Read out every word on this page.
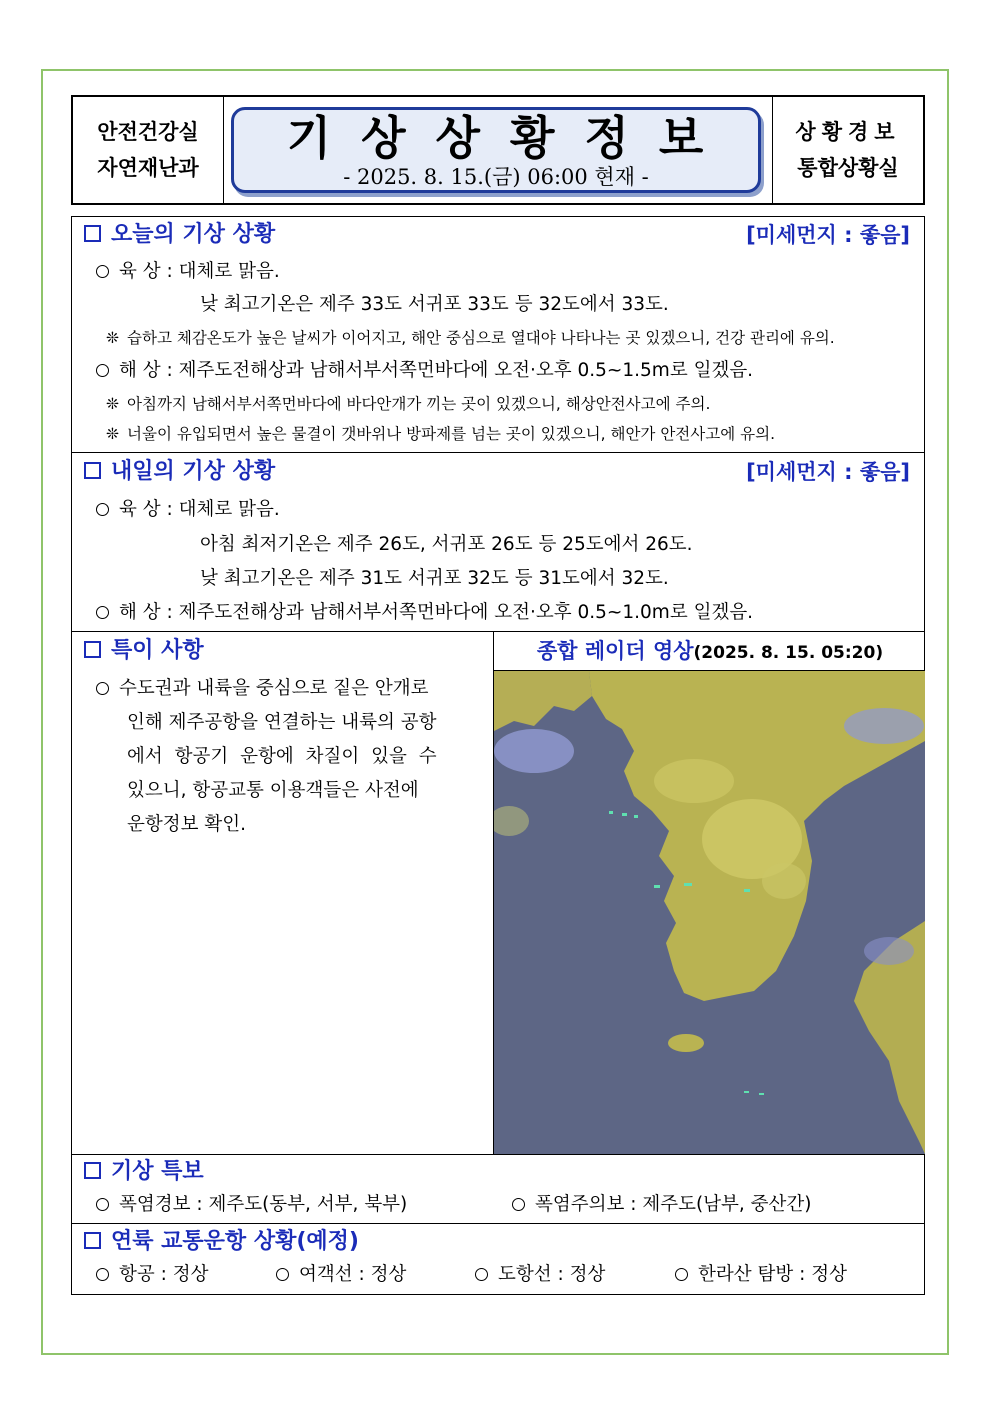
안전건강실
자연재난과
기상상황정보
- 2025. 8. 15.(금) 06:00 현재 -
상황경보
통합상황실
오늘의 기상 상황	[미세먼지 : 좋음]
육 상 : 대체로 맑음.
낮 최고기온은 제주 33도 서귀포 33도 등 32도에서 33도.
❊ 습하고 체감온도가 높은 날씨가 이어지고, 해안 중심으로 열대야 나타나는 곳 있겠으니, 건강 관리에 유의.
해 상 : 제주도전해상과 남해서부서쪽먼바다에 오전·오후 0.5~1.5m로 일겠음.
❊ 아침까지 남해서부서쪽먼바다에 바다안개가 끼는 곳이 있겠으니, 해상안전사고에 주의.
❊ 너울이 유입되면서 높은 물결이 갯바위나 방파제를 넘는 곳이 있겠으니, 해안가 안전사고에 유의.
내일의 기상 상황	[미세먼지 : 좋음]
육 상 : 대체로 맑음.
아침 최저기온은 제주 26도, 서귀포 26도 등 25도에서 26도.
낮 최고기온은 제주 31도 서귀포 32도 등 31도에서 32도.
해 상 : 제주도전해상과 남해서부서쪽먼바다에 오전·오후 0.5~1.0m로 일겠음.
특이 사항
수도권과 내륙을 중심으로 짙은 안개로
인해 제주공항을 연결하는 내륙의 공항
에서 항공기 운항에 차질이 있을 수
있으니, 항공교통 이용객들은 사전에
운항정보 확인.
종합 레이더 영상(2025. 8. 15. 05:20)
기상 특보
폭염경보 : 제주도(동부, 서부, 북부)	폭염주의보 : 제주도(남부, 중산간)
연륙 교통운항 상황(예정)
항공 : 정상	여객선 : 정상	도항선 : 정상	한라산 탐방 : 정상
